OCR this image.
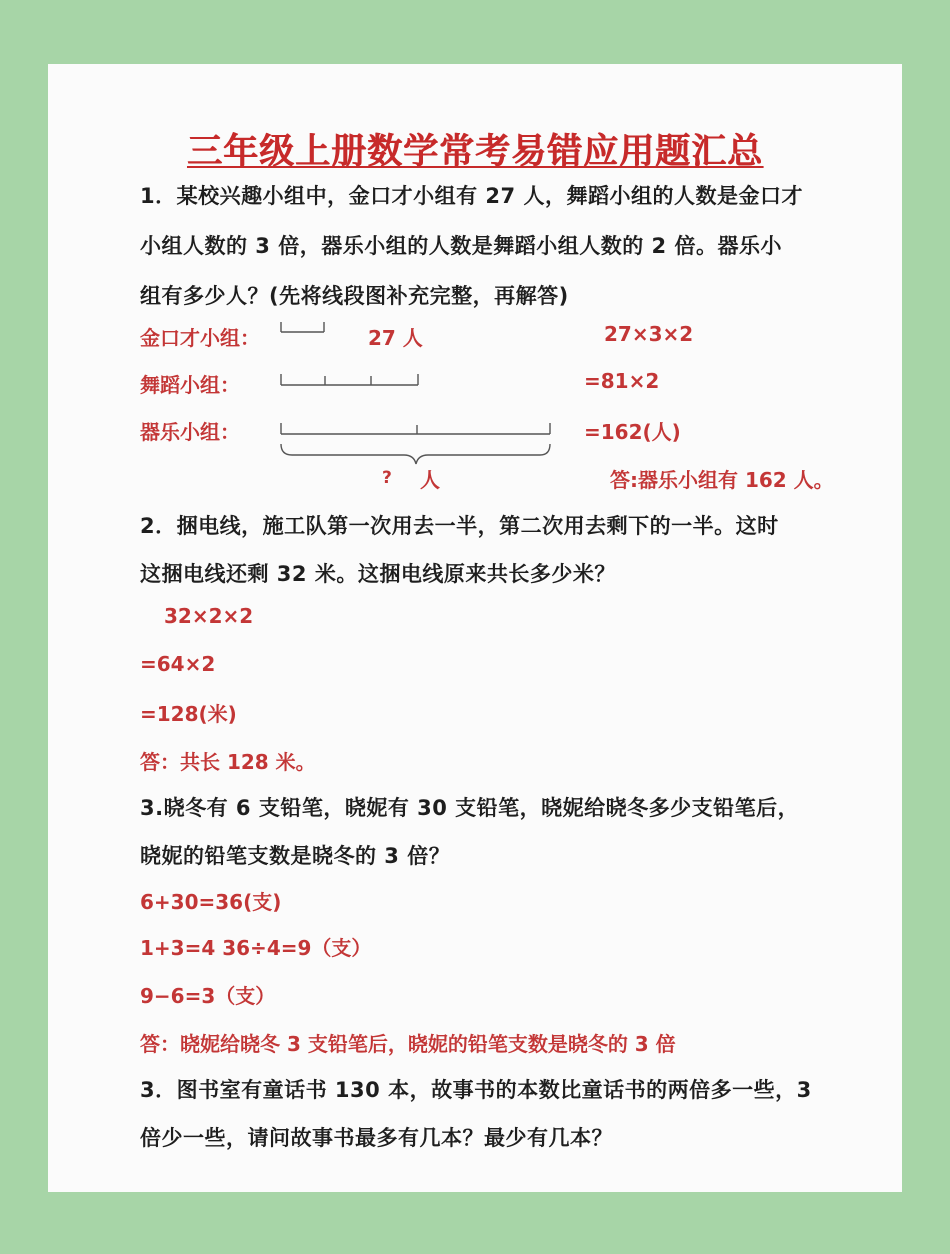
三年级上册数学常考易错应用题汇总
1．某校兴趣小组中，金口才小组有 27 人，舞蹈小组的人数是金口才
小组人数的 3 倍，器乐小组的人数是舞蹈小组人数的 2 倍。器乐小
组有多少人？(先将线段图补充完整，再解答)
金口才小组：
舞蹈小组：
器乐小组：
27 人
? 人
27×3×2
=81×2
=162(人)
答:器乐小组有 162 人。
2．捆电线，施工队第一次用去一半，第二次用去剩下的一半。这时
这捆电线还剩 32 米。这捆电线原来共长多少米？
32×2×2
=64×2
=128(米)
答：共长 128 米。
3.晓冬有 6 支铅笔，晓妮有 30 支铅笔，晓妮给晓冬多少支铅笔后，
晓妮的铅笔支数是晓冬的 3 倍？
6+30=36(支)
1+3=4 36÷4=9（支）
9−6=3（支）
答：晓妮给晓冬 3 支铅笔后，晓妮的铅笔支数是晓冬的 3 倍
3．图书室有童话书 130 本，故事书的本数比童话书的两倍多一些，3
倍少一些，请问故事书最多有几本？最少有几本？
